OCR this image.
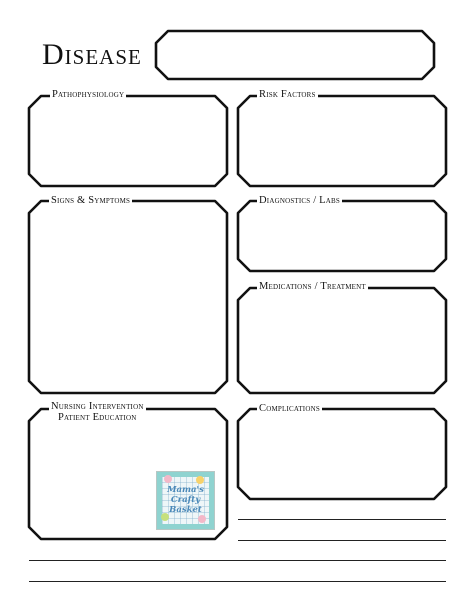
Disease
Pathophysiology	Risk Factors
Signs & Symptoms	Diagnostics / Labs
Medications / Treatment
Nursing Intervention
Patient Education
Complications
Mama's
Crafty
Basket
